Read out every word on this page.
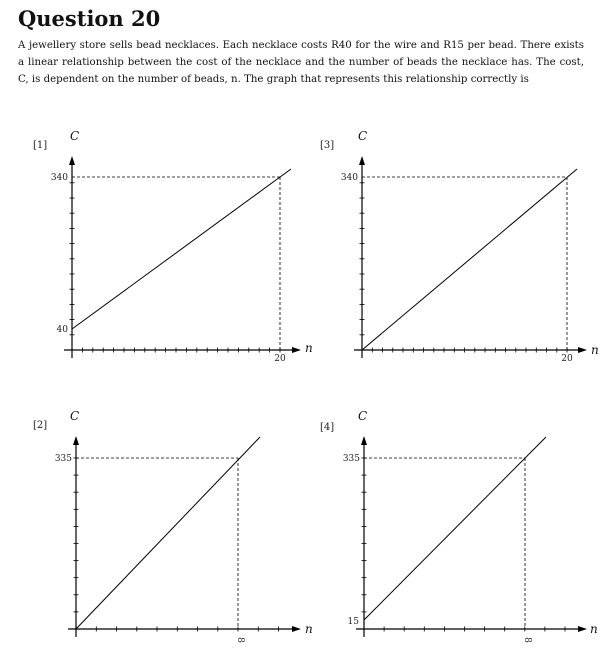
Question 20

A jewellery store sells bead necklaces. Each necklace costs R40 for the wire and R15 per bead. There exists a linear relationship between the cost of the necklace and the number of beads the necklace has. The cost, C, is dependent on the number of beads, n. The graph that represents this relationship correctly is

[1]
C
n
340
40
20
[3]
C
n
340
20
[2]
C
n
335
8
[4]
C
n
335
15
8
